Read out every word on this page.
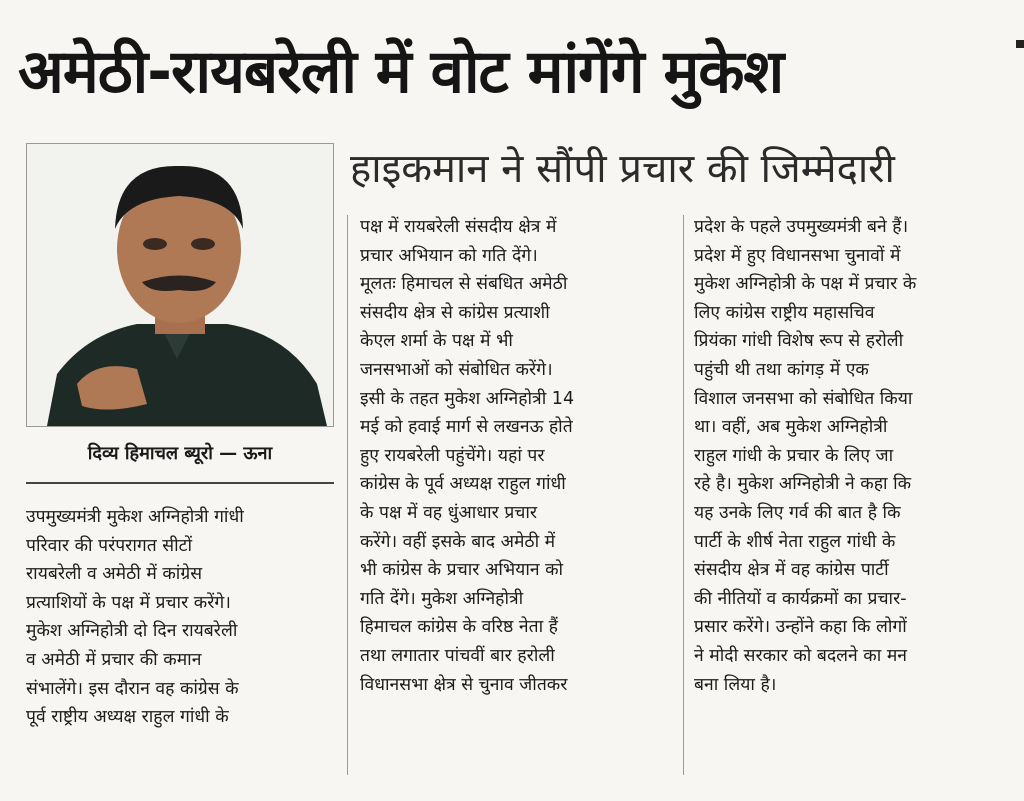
अमेठी-रायबरेली में वोट मांगेंगे मुकेश
हाइकमान ने सौंपी प्रचार की जिम्मेदारी
दिव्य हिमाचल ब्यूरो — ऊना
उपमुख्यमंत्री मुकेश अग्निहोत्री गांधी
परिवार की परंपरागत सीटों
रायबरेली व अमेठी में कांग्रेस
प्रत्याशियों के पक्ष में प्रचार करेंगे।
मुकेश अग्निहोत्री दो दिन रायबरेली
व अमेठी में प्रचार की कमान
संभालेंगे। इस दौरान वह कांग्रेस के
पूर्व राष्ट्रीय अध्यक्ष राहुल गांधी के
पक्ष में रायबरेली संसदीय क्षेत्र में
प्रचार अभियान को गति देंगे।
मूलतः हिमाचल से संबधित अमेठी
संसदीय क्षेत्र से कांग्रेस प्रत्याशी
केएल शर्मा के पक्ष में भी
जनसभाओं को संबोधित करेंगे।
इसी के तहत मुकेश अग्निहोत्री 14
मई को हवाई मार्ग से लखनऊ होते
हुए रायबरेली पहुंचेंगे। यहां पर
कांग्रेस के पूर्व अध्यक्ष राहुल गांधी
के पक्ष में वह धुंआधार प्रचार
करेंगे। वहीं इसके बाद अमेठी में
भी कांग्रेस के प्रचार अभियान को
गति देंगे। मुकेश अग्निहोत्री
हिमाचल कांग्रेस के वरिष्ठ नेता हैं
तथा लगातार पांचवीं बार हरोली
विधानसभा क्षेत्र से चुनाव जीतकर
प्रदेश के पहले उपमुख्यमंत्री बने हैं।
प्रदेश में हुए विधानसभा चुनावों में
मुकेश अग्निहोत्री के पक्ष में प्रचार के
लिए कांग्रेस राष्ट्रीय महासचिव
प्रियंका गांधी विशेष रूप से हरोली
पहुंची थी तथा कांगड़ में एक
विशाल जनसभा को संबोधित किया
था। वहीं, अब मुकेश अग्निहोत्री
राहुल गांधी के प्रचार के लिए जा
रहे है। मुकेश अग्निहोत्री ने कहा कि
यह उनके लिए गर्व की बात है कि
पार्टी के शीर्ष नेता राहुल गांधी के
संसदीय क्षेत्र में वह कांग्रेस पार्टी
की नीतियों व कार्यक्रमों का प्रचार-
प्रसार करेंगे। उन्होंने कहा कि लोगों
ने मोदी सरकार को बदलने का मन
बना लिया है।
